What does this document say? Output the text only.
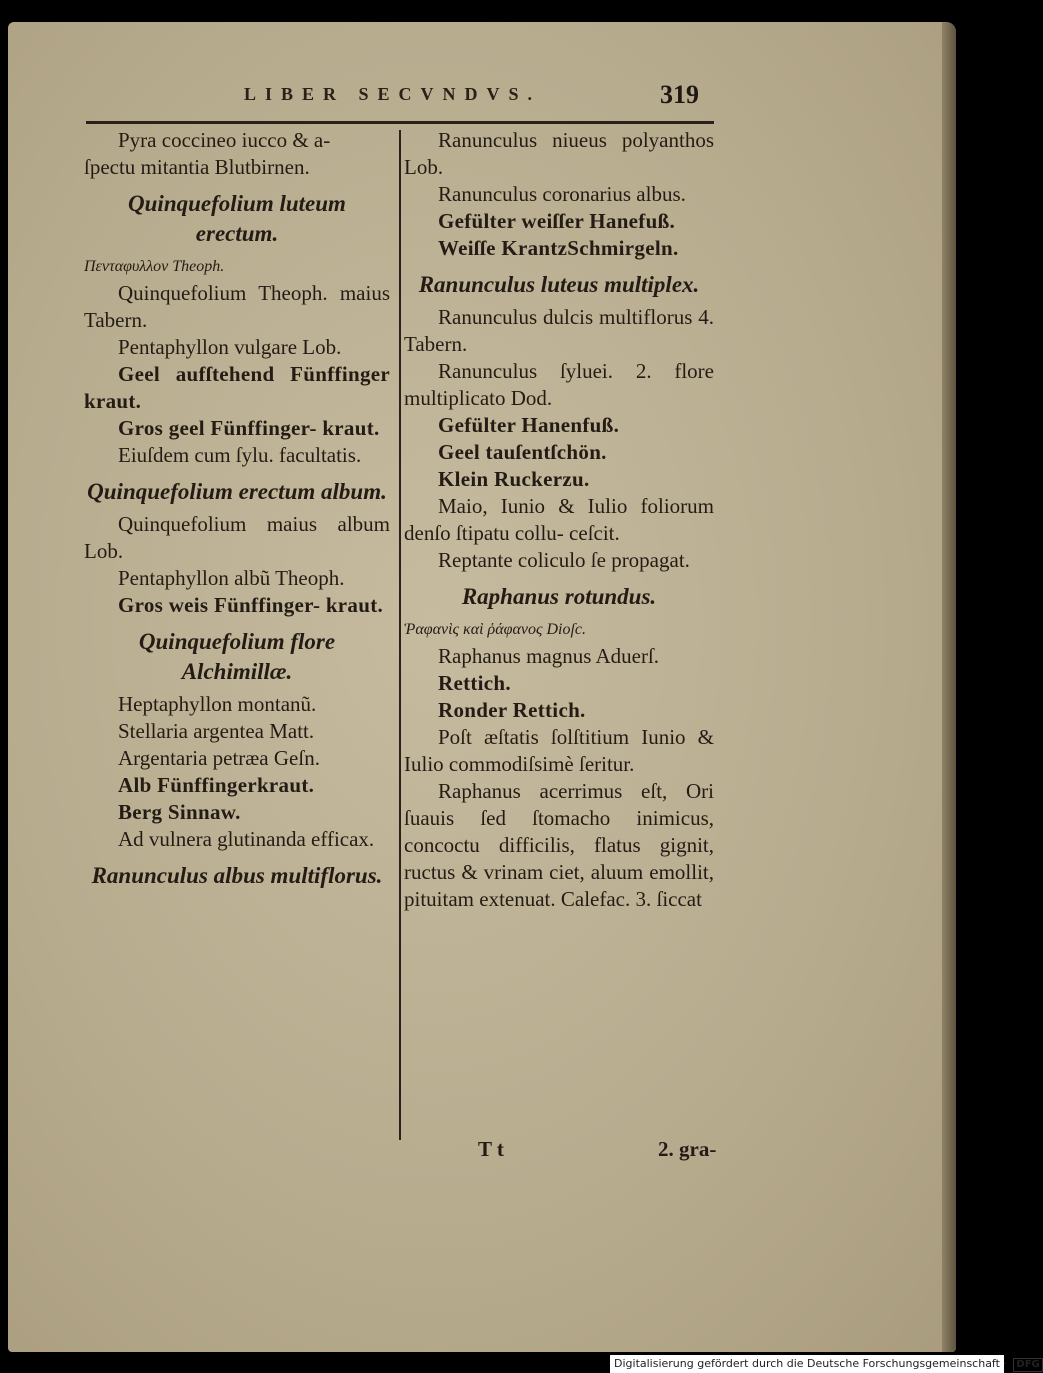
LIBER SECVNDVS.	319
Pyra coccineo iucco & a-
ſpectu mitantia Blutbirnen.
Quinquefolium luteum erectum.
Πενταφυλλον Theoph.
Quinquefolium Theoph. maius Tabern.
Pentaphyllon vulgare Lob.
Geel aufſtehend Fünffinger kraut.
Gros geel Fünffinger- kraut.
Eiuſdem cum ſylu. facultatis.
Quinquefolium erectum album.
Quinquefolium maius album Lob.
Pentaphyllon albũ Theoph.
Gros weis Fünffinger- kraut.
Quinquefolium flore Alchimillæ.
Heptaphyllon montanũ.
Stellaria argentea Matt.
Argentaria petræa Geſn.
Alb Fünffingerkraut.
Berg Sinnaw.
Ad vulnera glutinanda efficax.
Ranunculus albus multiflorus.
Ranunculus niueus polyanthos Lob.
Ranunculus coronarius albus.
Gefülter weiſſer Hanefuß.
Weiſſe KrantzSchmirgeln.
Ranunculus luteus multiplex.
Ranunculus dulcis multiflorus 4. Tabern.
Ranunculus ſyluei. 2. flore multiplicato Dod.
Gefülter Hanenfuß.
Geel tauſentſchön.
Klein Ruckerzu.
Maio, Iunio & Iulio foliorum denſo ſtipatu collu- ceſcit.
Reptante coliculo ſe propagat.
Raphanus rotundus.
Ῥαφανὶς καὶ ῥάφανος Dioſc.
Raphanus magnus Aduerſ.
Rettich.
Ronder Rettich.
Poſt æſtatis ſolſtitium Iunio & Iulio commodiſsimè ſeritur.
Raphanus acerrimus eſt, Ori ſuauis ſed ſtomacho inimicus, concoctu difficilis, flatus gignit, ructus & vrinam ciet, aluum emollit, pituitam extenuat. Calefac. 3. ſiccat
T t	2. gra-
Digitalisierung gefördert durch die Deutsche Forschungsgemeinschaft · DFG
